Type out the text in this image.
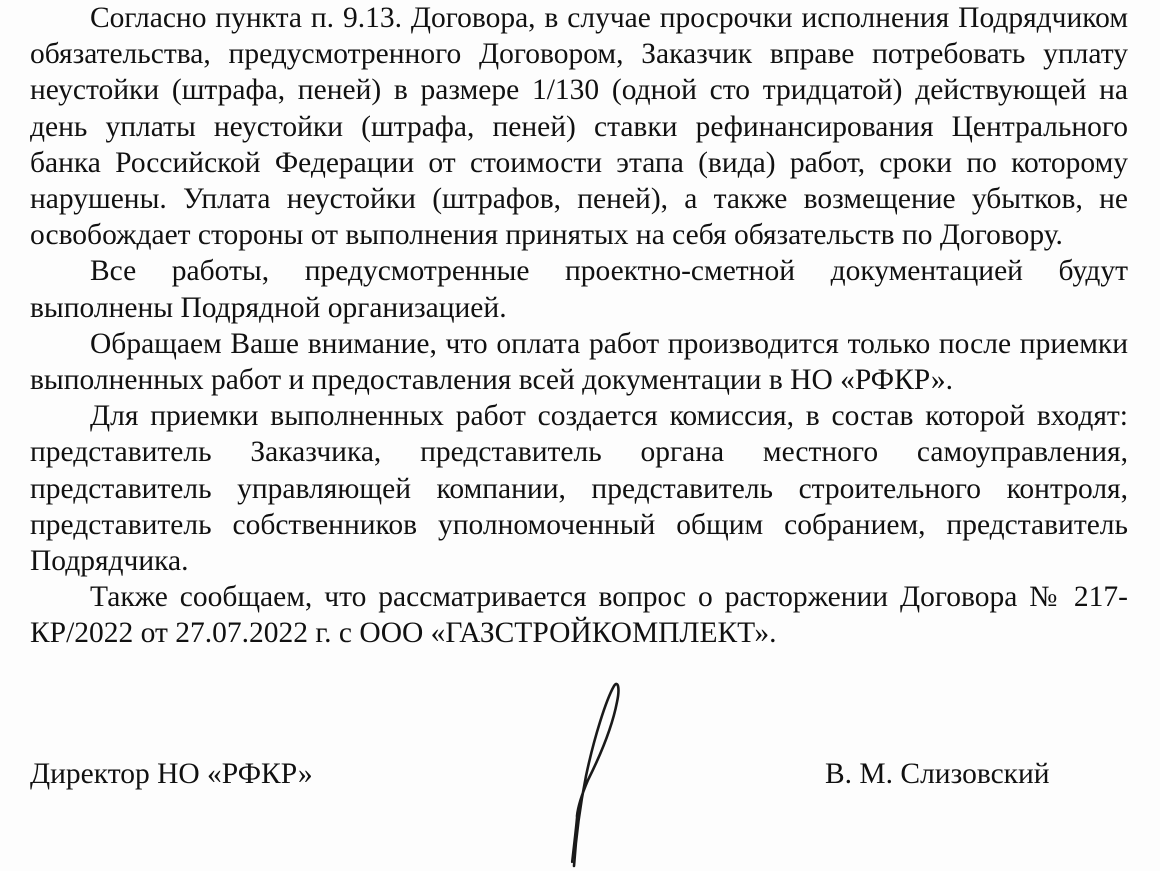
Согласно пункта п. 9.13. Договора, в случае просрочки исполнения Подрядчиком обязательства, предусмотренного Договором, Заказчик вправе потребовать уплату неустойки (штрафа, пеней) в размере 1/130 (одной сто тридцатой) действующей на день уплаты неустойки (штрафа, пеней) ставки рефинансирования Центрального банка Российской Федерации от стоимости этапа (вида) работ, сроки по которому нарушены. Уплата неустойки (штрафов, пеней), а также возмещение убытков, не освобождает стороны от выполнения принятых на себя обязательств по Договору.

Все работы, предусмотренные проектно-сметной документацией будут выполнены Подрядной организацией.

Обращаем Ваше внимание, что оплата работ производится только после приемки выполненных работ и предоставления всей документации в НО «РФКР».

Для приемки выполненных работ создается комиссия, в состав которой входят: представитель Заказчика, представитель органа местного самоуправления, представитель управляющей компании, представитель строительного контроля, представитель собственников уполномоченный общим собранием, представитель Подрядчика.

Также сообщаем, что рассматривается вопрос о расторжении Договора № 217-КР/2022 от 27.07.2022 г. с ООО «ГАЗСТРОЙКОМПЛЕКТ».

Директор НО «РФКР»	В. М. Слизовский
